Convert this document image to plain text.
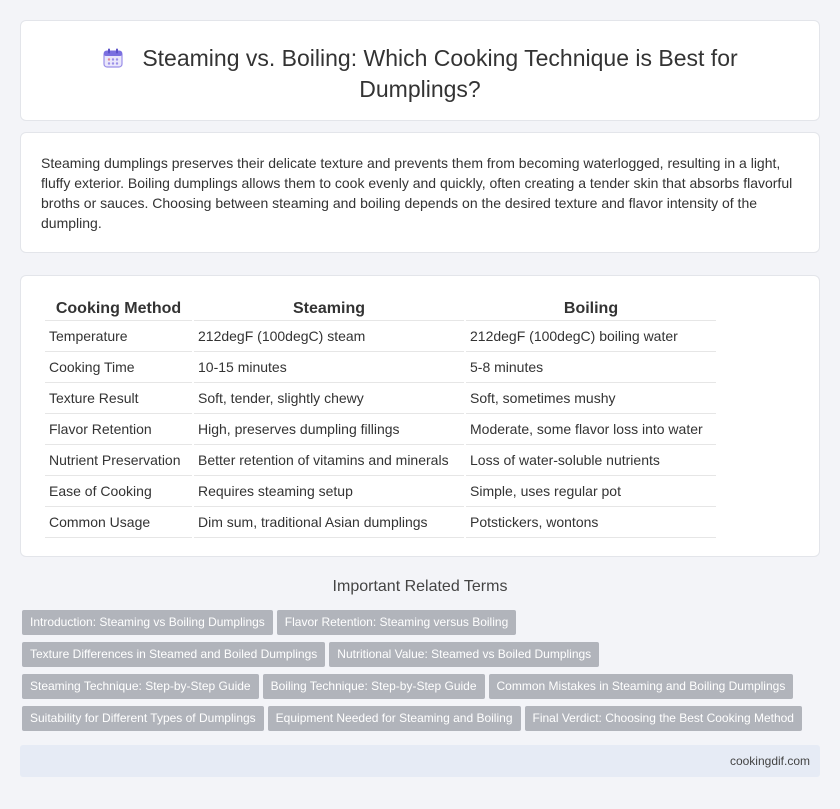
Steaming vs. Boiling: Which Cooking Technique is Best for Dumplings?

Steaming dumplings preserves their delicate texture and prevents them from becoming waterlogged, resulting in a light, fluffy exterior. Boiling dumplings allows them to cook evenly and quickly, often creating a tender skin that absorbs flavorful broths or sauces. Choosing between steaming and boiling depends on the desired texture and flavor intensity of the dumpling.

Cooking Method	Steaming	Boiling
Temperature	212degF (100degC) steam	212degF (100degC) boiling water
Cooking Time	10-15 minutes	5-8 minutes
Texture Result	Soft, tender, slightly chewy	Soft, sometimes mushy
Flavor Retention	High, preserves dumpling fillings	Moderate, some flavor loss into water
Nutrient Preservation	Better retention of vitamins and minerals	Loss of water-soluble nutrients
Ease of Cooking	Requires steaming setup	Simple, uses regular pot
Common Usage	Dim sum, traditional Asian dumplings	Potstickers, wontons
Important Related Terms
Introduction: Steaming vs Boiling Dumplings Flavor Retention: Steaming versus Boiling
Texture Differences in Steamed and Boiled Dumplings Nutritional Value: Steamed vs Boiled Dumplings
Steaming Technique: Step-by-Step Guide Boiling Technique: Step-by-Step Guide Common Mistakes in Steaming and Boiling Dumplings
Suitability for Different Types of Dumplings Equipment Needed for Steaming and Boiling Final Verdict: Choosing the Best Cooking Method
cookingdif.com
